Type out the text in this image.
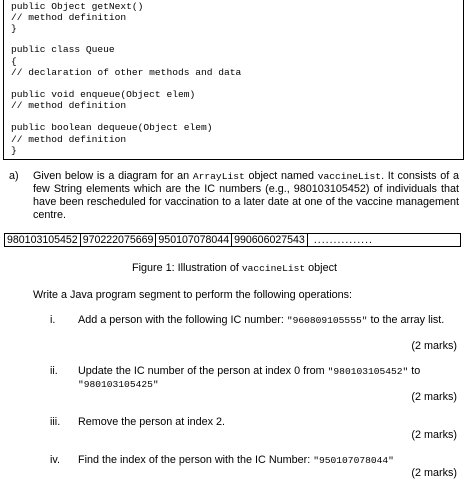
public Object getNext()
// method definition
}
public class Queue
{
// declaration of other methods and data
public void enqueue(Object elem)
// method definition
public boolean dequeue(Object elem)
// method definition
}
a) Given below is a diagram for an ArrayList object named vaccineList. It consists of a few String elements which are the IC numbers (e.g., 980103105452) of individuals that have been rescheduled for vaccination to a later date at one of the vaccine management centre.
980103105452 970222075669 950107078044 990606027543 ...............
Figure 1: Illustration of vaccineList object
Write a Java program segment to perform the following operations:
i.	Add a person with the following IC number: "960809105555" to the array list.
(2 marks)
ii.	Update the IC number of the person at index 0 from "980103105452" to "980103105425"
(2 marks)
iii.	Remove the person at index 2.
(2 marks)
iv.	Find the index of the person with the IC Number: "950107078044"
(2 marks)
